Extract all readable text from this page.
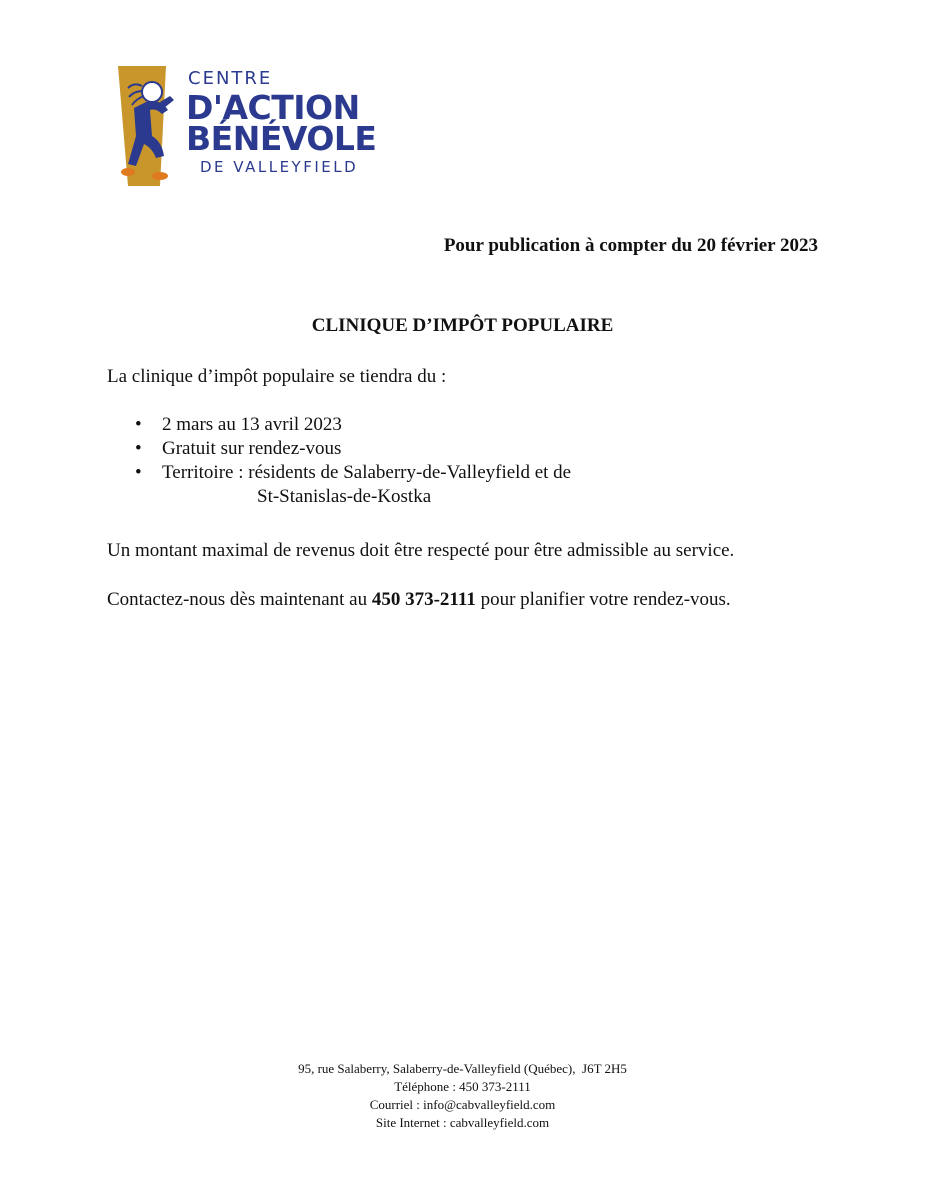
CENTRE
D'ACTION
BÉNÉVOLE
DE VALLEYFIELD
Pour publication à compter du 20 février 2023
CLINIQUE D’IMPÔT POPULAIRE
La clinique d’impôt populaire se tiendra du :
• 2 mars au 13 avril 2023
• Gratuit sur rendez-vous
• Territoire : résidents de Salaberry-de-Valleyfield et de
St-Stanislas-de-Kostka
Un montant maximal de revenus doit être respecté pour être admissible au service.
Contactez-nous dès maintenant au 450 373-2111 pour planifier votre rendez-vous.
95, rue Salaberry, Salaberry-de-Valleyfield (Québec),  J6T 2H5
Téléphone : 450 373-2111
Courriel : info@cabvalleyfield.com
Site Internet : cabvalleyfield.com
